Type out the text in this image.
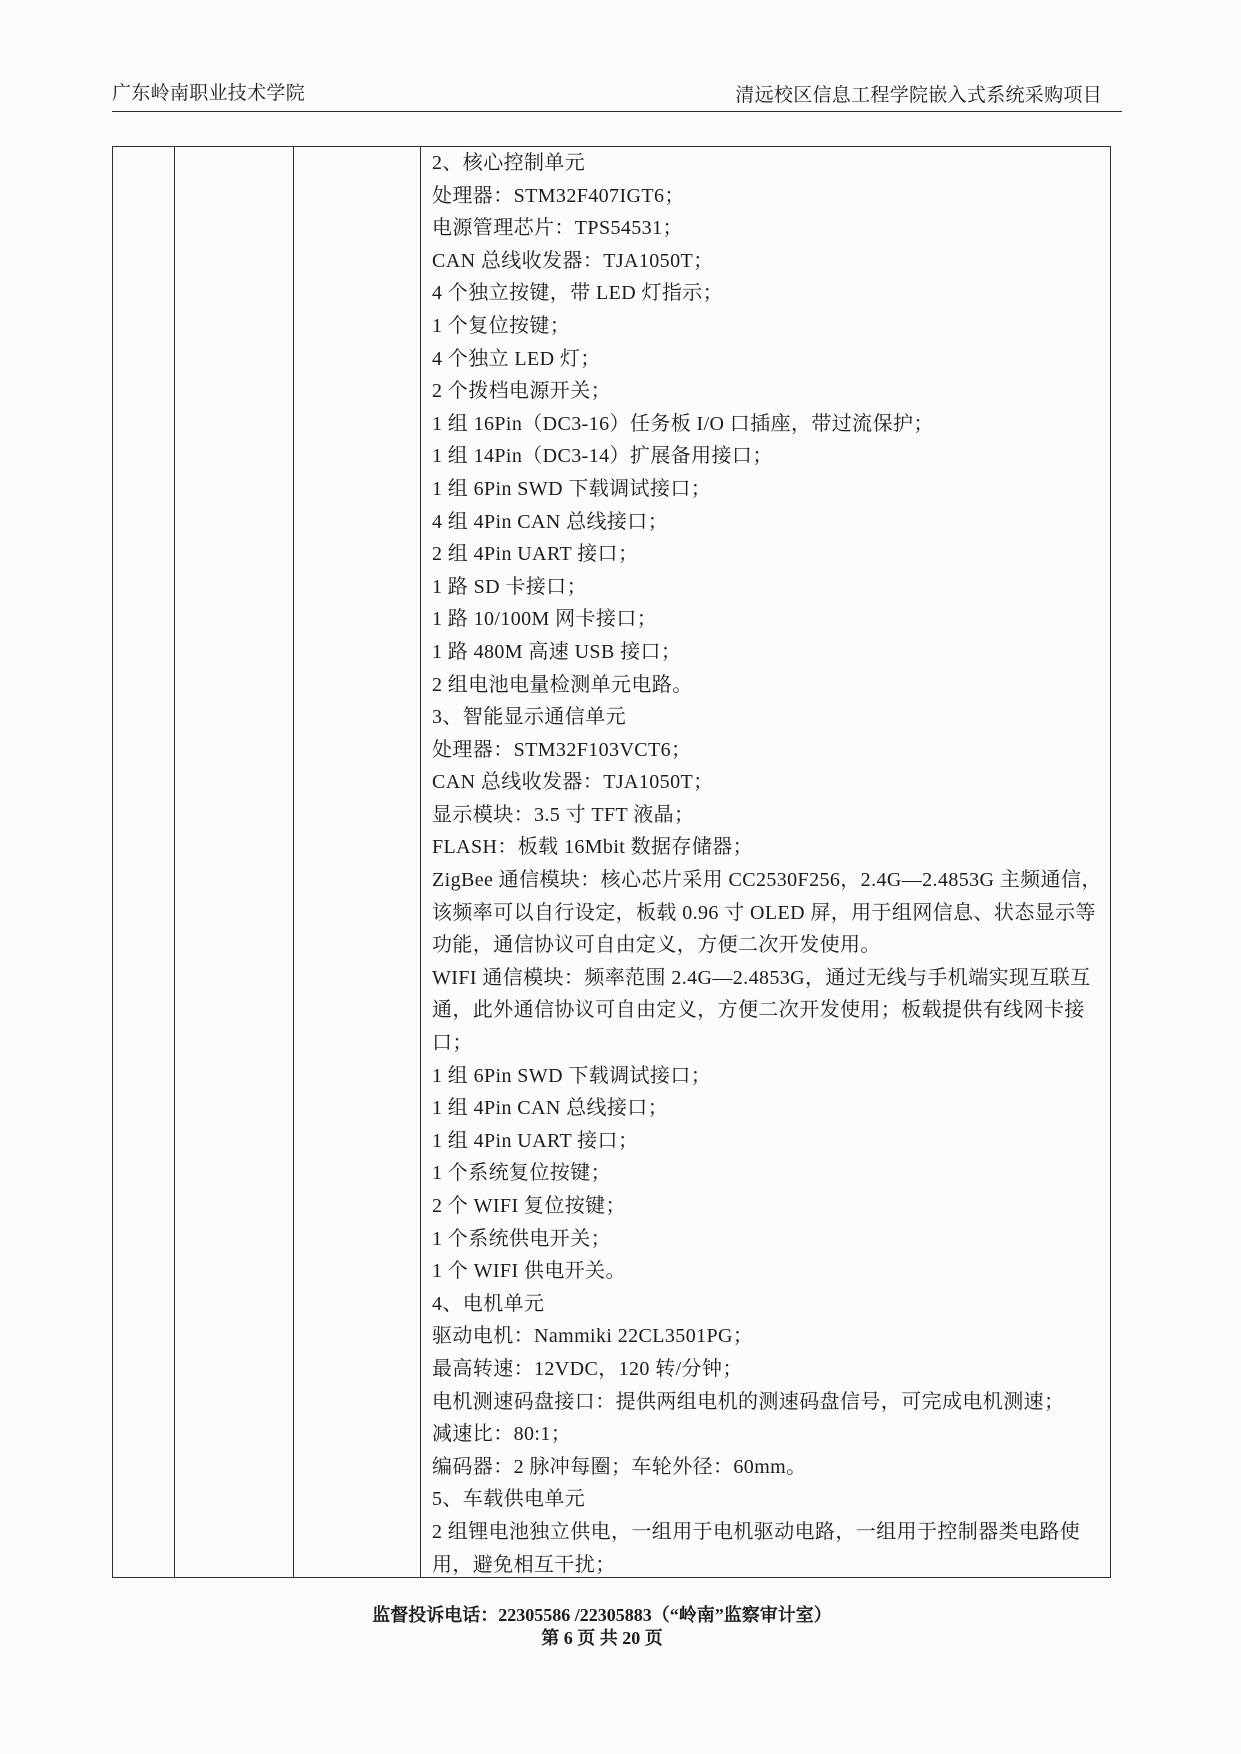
广东岭南职业技术学院	清远校区信息工程学院嵌入式系统采购项目

2、核心控制单元
处理器：STM32F407IGT6；
电源管理芯片：TPS54531；
CAN 总线收发器：TJA1050T；
4 个独立按键，带 LED 灯指示；
1 个复位按键；
4 个独立 LED 灯；
2 个拨档电源开关；
1 组 16Pin（DC3-16）任务板 I/O 口插座，带过流保护；
1 组 14Pin（DC3-14）扩展备用接口；
1 组 6Pin SWD 下载调试接口；
4 组 4Pin CAN 总线接口；
2 组 4Pin UART 接口；
1 路 SD 卡接口；
1 路 10/100M 网卡接口；
1 路 480M 高速 USB 接口；
2 组电池电量检测单元电路。
3、智能显示通信单元
处理器：STM32F103VCT6；
CAN 总线收发器：TJA1050T；
显示模块：3.5 寸 TFT 液晶；
FLASH：板载 16Mbit 数据存储器；
ZigBee 通信模块：核心芯片采用 CC2530F256，2.4G—2.4853G 主频通信，
该频率可以自行设定，板载 0.96 寸 OLED 屏，用于组网信息、状态显示等
功能，通信协议可自由定义，方便二次开发使用。
WIFI 通信模块：频率范围 2.4G—2.4853G，通过无线与手机端实现互联互
通，此外通信协议可自由定义，方便二次开发使用；板载提供有线网卡接
口；
1 组 6Pin SWD 下载调试接口；
1 组 4Pin CAN 总线接口；
1 组 4Pin UART 接口；
1 个系统复位按键；
2 个 WIFI 复位按键；
1 个系统供电开关；
1 个 WIFI 供电开关。
4、电机单元
驱动电机：Nammiki 22CL3501PG；
最高转速：12VDC，120 转/分钟；
电机测速码盘接口：提供两组电机的测速码盘信号，可完成电机测速；
减速比：80:1；
编码器：2 脉冲每圈；车轮外径：60mm。
5、车载供电单元
2 组锂电池独立供电，一组用于电机驱动电路，一组用于控制器类电路使
用，避免相互干扰；
监督投诉电话：22305586 /22305883（“岭南”监察审计室）
第 6 页 共 20 页
